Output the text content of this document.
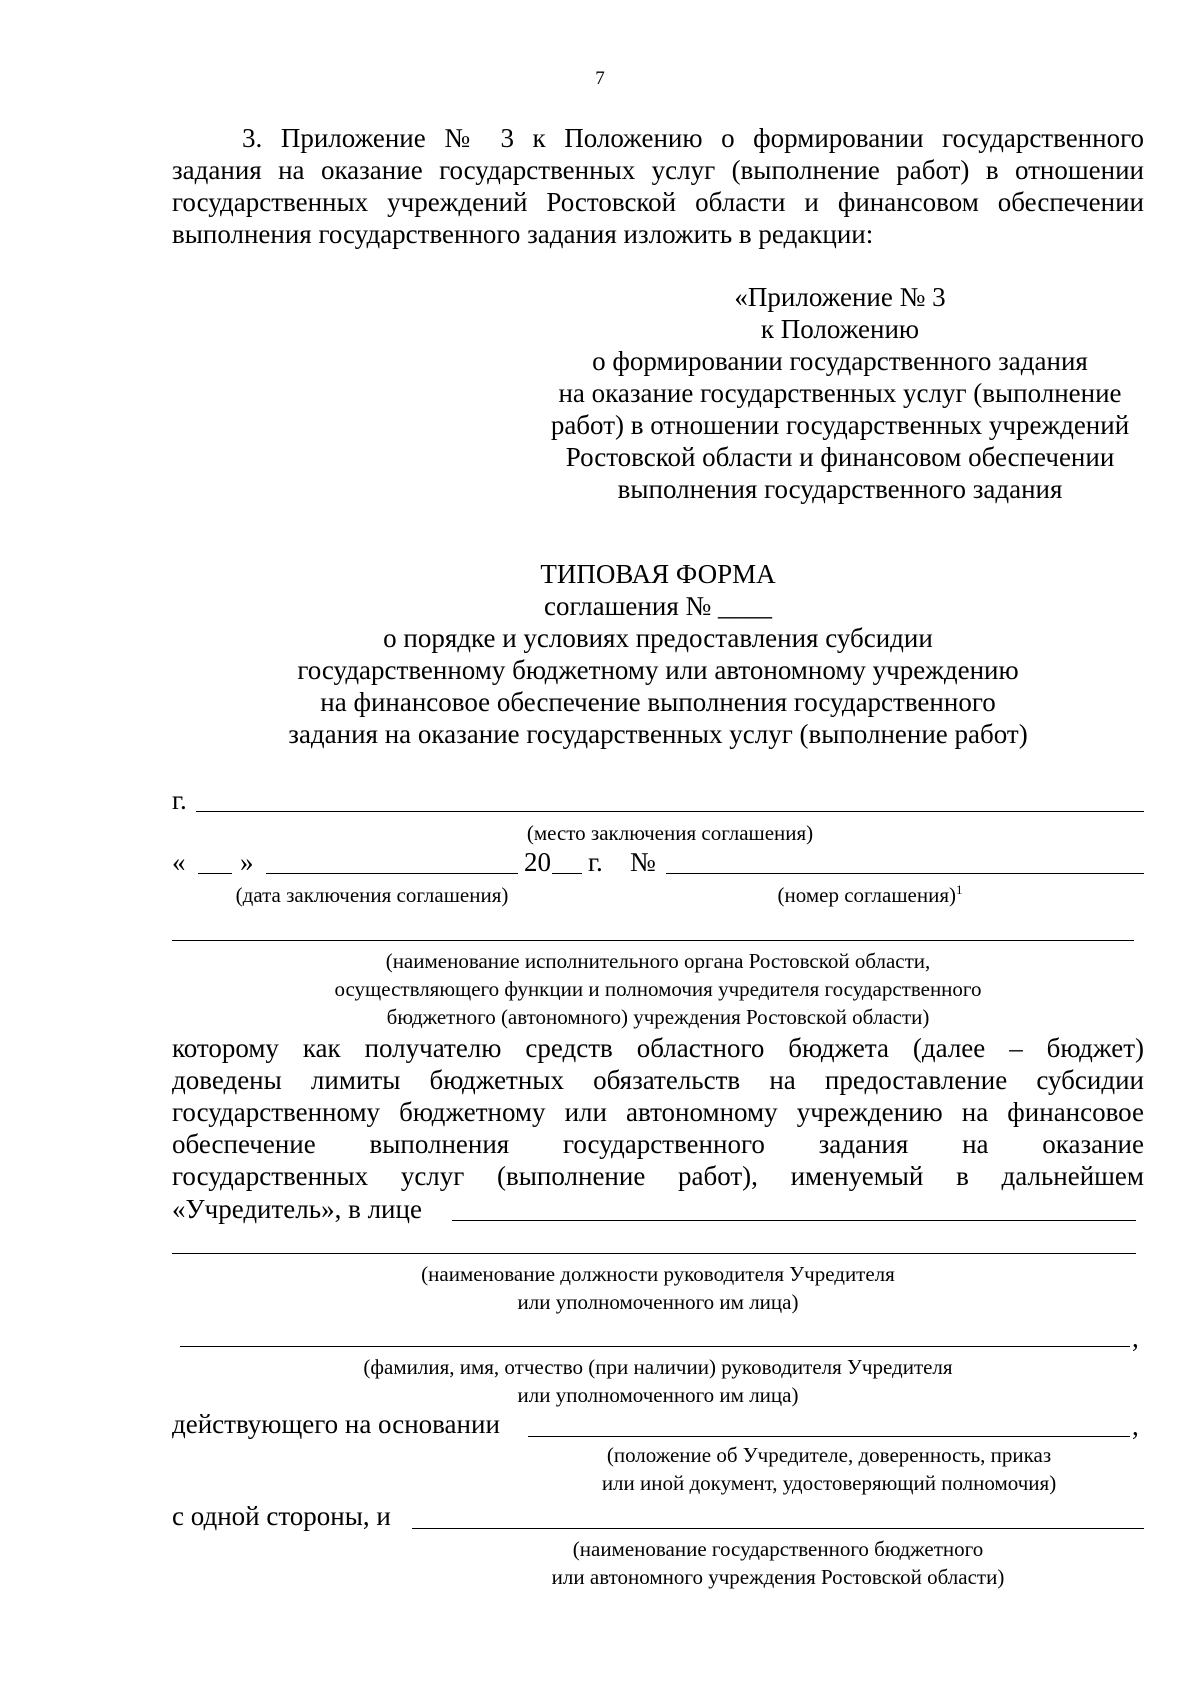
7
3. Приложение № 3 к Положению о формировании государственного
задания на оказание государственных услуг (выполнение работ) в отношении
государственных учреждений Ростовской области и финансовом обеспечении
выполнения государственного задания изложить в редакции:
«Приложение № 3
к Положению
о формировании государственного задания
на оказание государственных услуг (выполнение
работ) в отношении государственных учреждений
Ростовской области и финансовом обеспечении
выполнения государственного задания
ТИПОВАЯ ФОРМА
соглашения № ____
о порядке и условиях предоставления субсидии
государственному бюджетному или автономному учреждению
на финансовое обеспечение выполнения государственного
задания на оказание государственных услуг (выполнение работ)
г.
(место заключения соглашения)
« »	20 г. №
(дата заключения соглашения)	(номер соглашения)$^1$
(наименование исполнительного органа Ростовской области,
осуществляющего функции и полномочия учредителя государственного
бюджетного (автономного) учреждения Ростовской области)
которому как получателю средств областного бюджета (далее – бюджет)
доведены лимиты бюджетных обязательств на предоставление субсидии
государственному бюджетному или автономному учреждению на финансовое
обеспечение выполнения государственного задания на оказание
государственных услуг (выполнение работ), именуемый в дальнейшем
«Учредитель», в лице
(наименование должности руководителя Учредителя
или уполномоченного им лица)
,
(фамилия, имя, отчество (при наличии) руководителя Учредителя
или уполномоченного им лица)
действующего на основании	,
(положение об Учредителе, доверенность, приказ
или иной документ, удостоверяющий полномочия)
с одной стороны, и
(наименование государственного бюджетного
или автономного учреждения Ростовской области)
